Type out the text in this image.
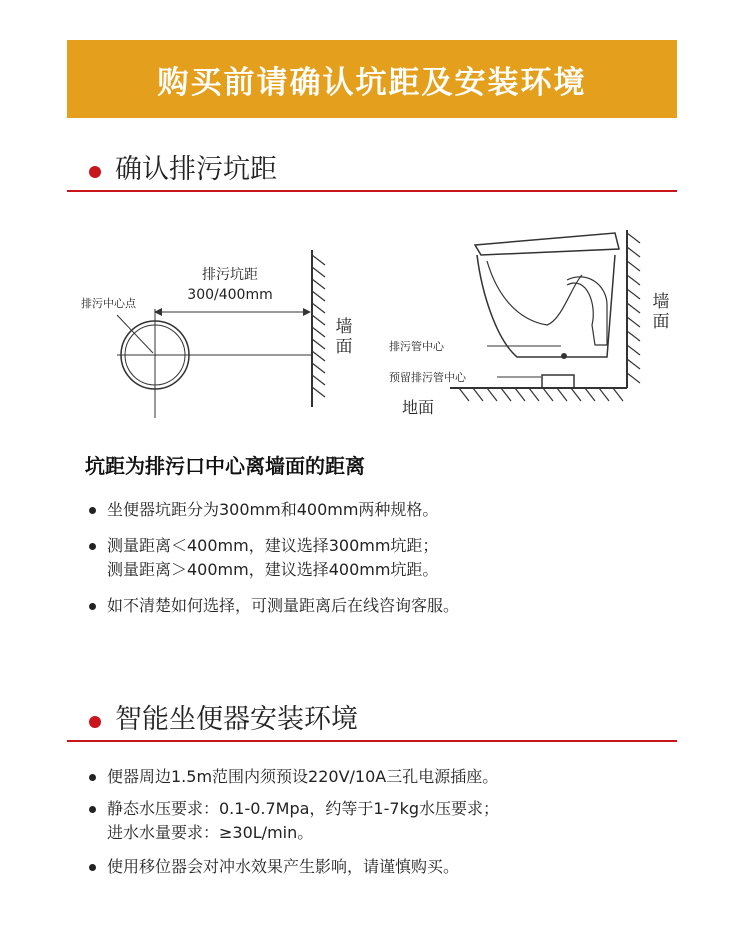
购买前请确认坑距及安装环境
确认排污坑距
排污坑距
300/400mm
排污中心点
墙
面	排污管中心
预留排污管中心
地面
墙
面
坑距为排污口中心离墙面的距离
坐便器坑距分为300mm和400mm两种规格。
测量距离＜400mm，建议选择300mm坑距；
测量距离＞400mm，建议选择400mm坑距。
如不清楚如何选择，可测量距离后在线咨询客服。
智能坐便器安装环境
便器周边1.5m范围内须预设220V/10A三孔电源插座。
静态水压要求：0.1-0.7Mpa，约等于1-7kg水压要求；
进水水量要求：≥30L/min。
使用移位器会对冲水效果产生影响，请谨慎购买。
